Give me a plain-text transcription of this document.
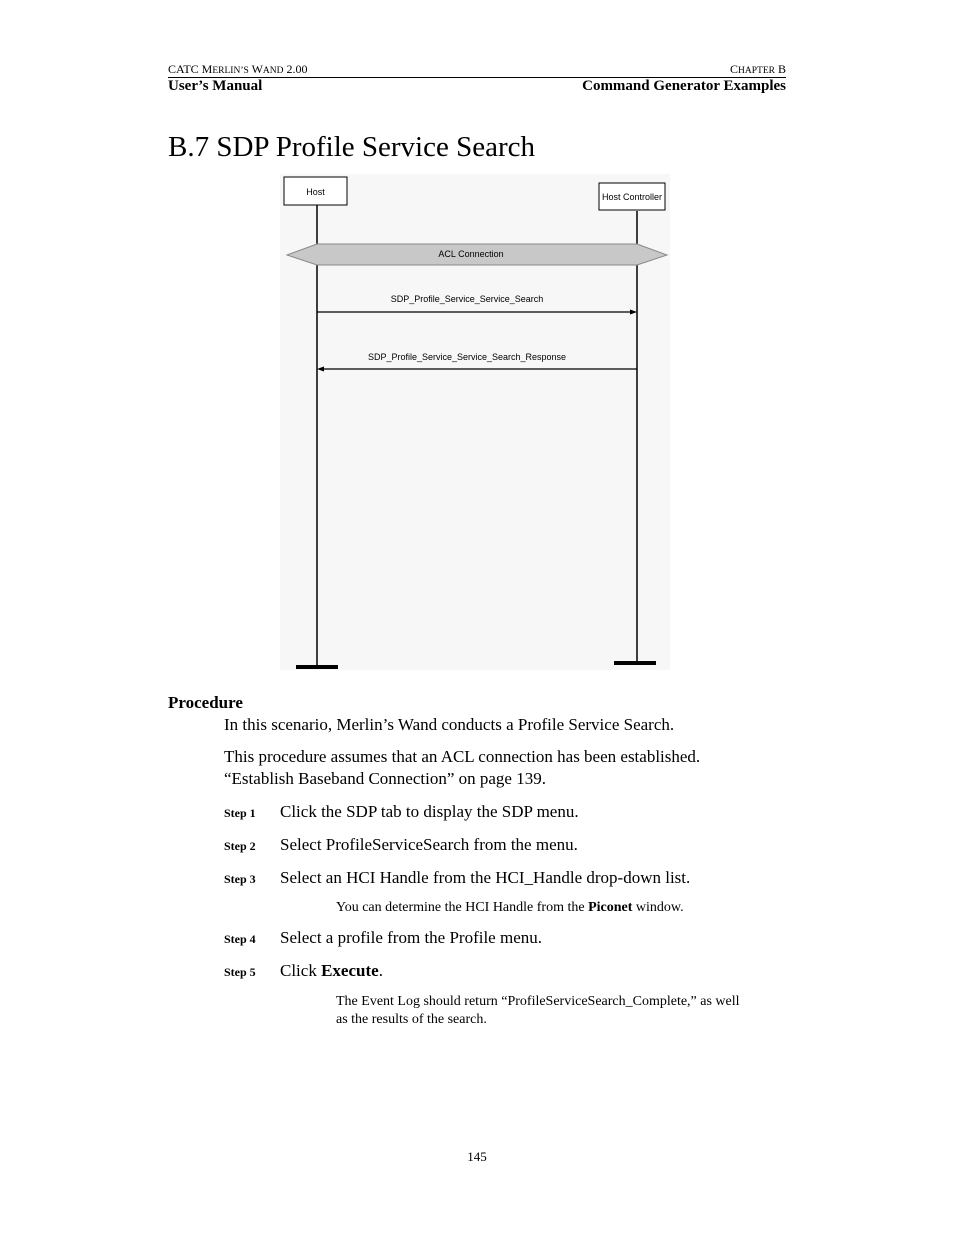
CATC MERLIN’S WAND 2.00	CHAPTER B
User’s Manual	Command Generator Examples
B.7 SDP Profile Service Search
Host	Host Controller
ACL Connection
SDP_Profile_Service_Service_Search
SDP_Profile_Service_Service_Search_Response
Procedure
In this scenario, Merlin’s Wand conducts a Profile Service Search.
This procedure assumes that an ACL connection has been established.
“Establish Baseband Connection” on page 139.
Step 1 Click the SDP tab to display the SDP menu.
Step 2 Select ProfileServiceSearch from the menu.
Step 3 Select an HCI Handle from the HCI_Handle drop-down list.
You can determine the HCI Handle from the Piconet window.
Step 4 Select a profile from the Profile menu.
Step 5 Click Execute.
The Event Log should return “ProfileServiceSearch_Complete,” as well
as the results of the search.
145
